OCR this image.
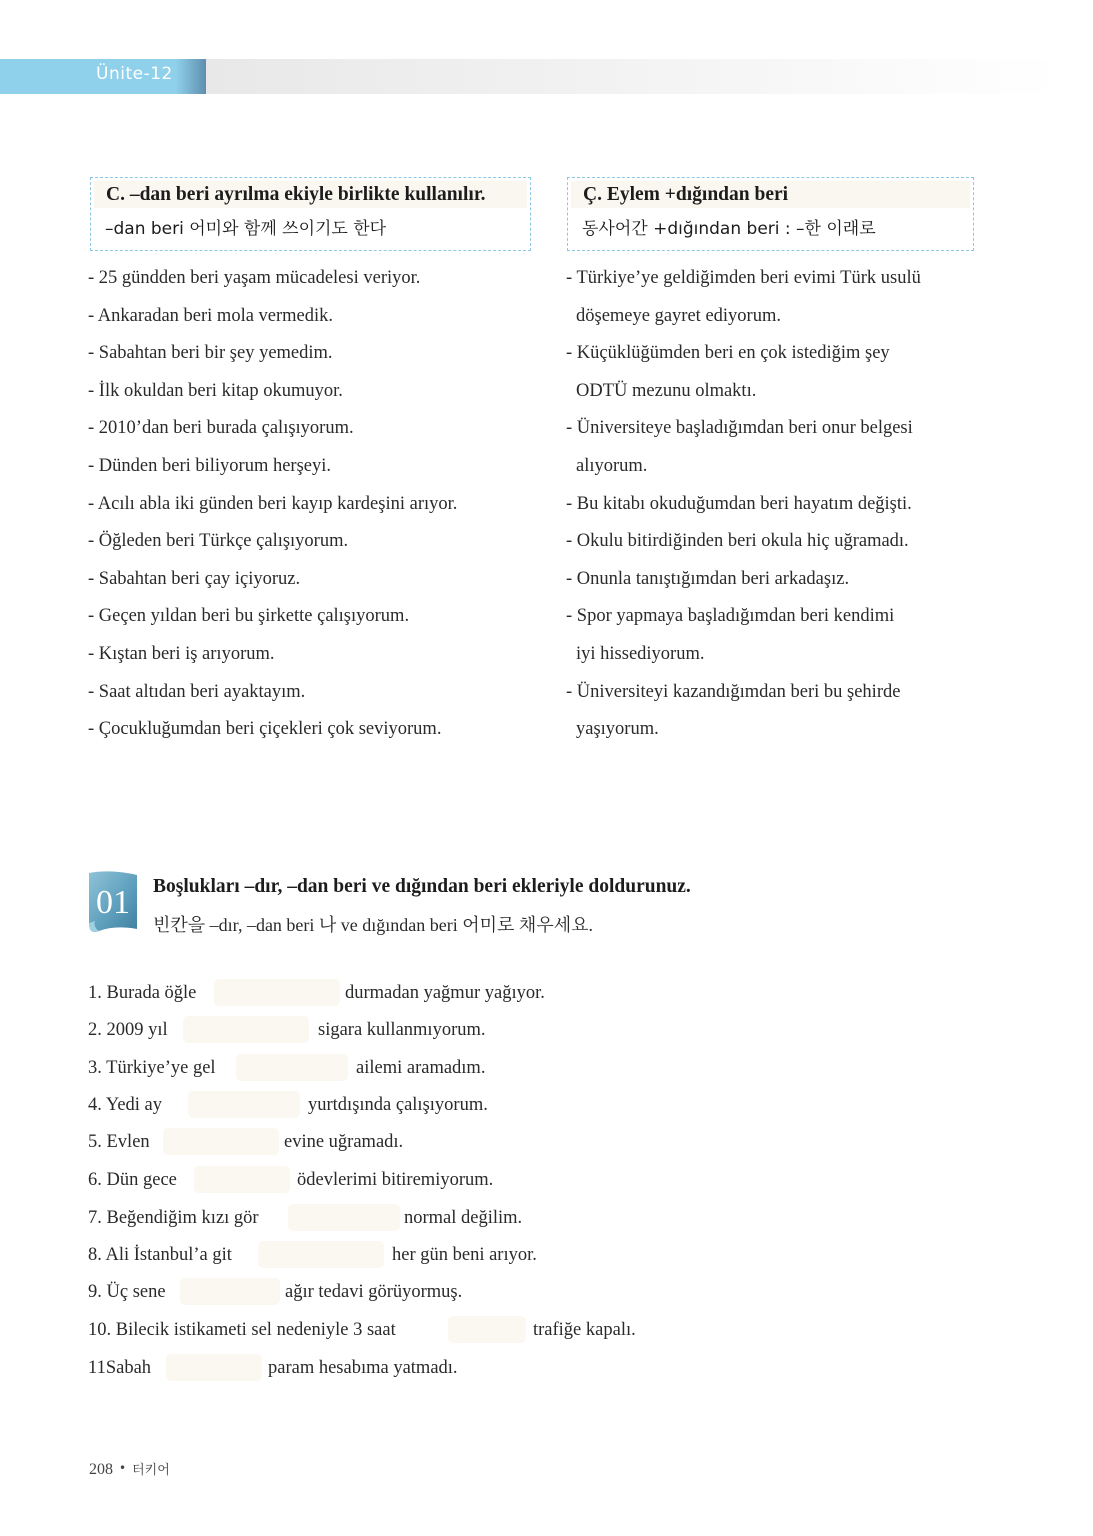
Ünite-12
C. –dan beri ayrılma ekiyle birlikte kullanılır.
–dan beri 어미와 함께 쓰이기도 한다
Ç. Eylem +dığından beri
동사어간 +dığından beri : –한 이래로
- 25 gündden beri yaşam mücadelesi veriyor.
- Ankaradan beri mola vermedik.
- Sabahtan beri bir şey yemedim.
- İlk okuldan beri kitap okumuyor.
- 2010’dan beri burada çalışıyorum.
- Dünden beri biliyorum herşeyi.
- Acılı abla iki günden beri kayıp kardeşini arıyor.
- Öğleden beri Türkçe çalışıyorum.
- Sabahtan beri çay içiyoruz.
- Geçen yıldan beri bu şirkette çalışıyorum.
- Kıştan beri iş arıyorum.
- Saat altıdan beri ayaktayım.
- Çocukluğumdan beri çiçekleri çok seviyorum.
- Türkiye’ye geldiğimden beri evimi Türk usulü
döşemeye gayret ediyorum.
- Küçüklüğümden beri en çok istediğim şey
ODTÜ mezunu olmaktı.
- Üniversiteye başladığımdan beri onur belgesi
alıyorum.
- Bu kitabı okuduğumdan beri hayatım değişti.
- Okulu bitirdiğinden beri okula hiç uğramadı.
- Onunla tanıştığımdan beri arkadaşız.
- Spor yapmaya başladığımdan beri kendimi
iyi hissediyorum.
- Üniversiteyi kazandığımdan beri bu şehirde
yaşıyorum.
01 Boşlukları –dır, –dan beri ve dığından beri ekleriyle doldurunuz.
빈칸을 –dır, –dan beri 나 ve dığından beri 어미로 채우세요.
1. Burada öğle	durmadan yağmur yağıyor.
2. 2009 yıl	sigara kullanmıyorum.
3. Türkiye’ye gel	ailemi aramadım.
4. Yedi ay	yurtdışında çalışıyorum.
5. Evlen	evine uğramadı.
6. Dün gece	ödevlerimi bitiremiyorum.
7. Beğendiğim kızı gör	normal değilim.
8. Ali İstanbul’a git	her gün beni arıyor.
9. Üç sene	ağır tedavi görüyormuş.
10. Bilecik istikameti sel nedeniyle 3 saat	trafiğe kapalı.
11Sabah	param hesabıma yatmadı.
208 • 터키어
